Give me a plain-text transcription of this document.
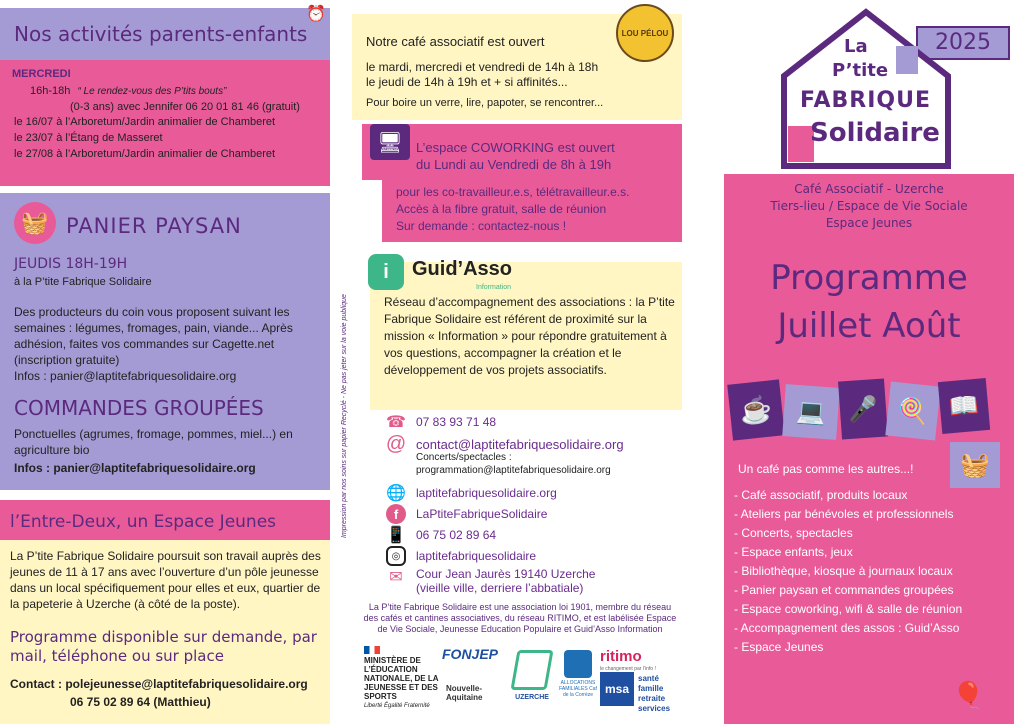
Nos activités parents-enfants
⏰
MERCREDI
16h-18h “ Le rendez-vous des P’tits bouts”
(0-3 ans) avec Jennifer 06 20 01 81 46 (gratuit)
le 16/07 à l’Arboretum/Jardin animalier de Chamberet
le 23/07 à l’Étang de Masseret
le 27/08 à l’Arboretum/Jardin animalier de Chamberet
🧺 PANIER PAYSAN
JEUDIS 18H-19H
à la P’tite Fabrique Solidaire
Des producteurs du coin vous proposent suivant les semaines : légumes, fromages, pain, viande... Après adhésion, faites vos commandes sur Cagette.net (inscription gratuite)
Infos : panier@laptitefabriquesolidaire.org
COMMANDES GROUPÉES
Ponctuelles (agrumes, fromage, pommes, miel...) en agriculture bio
Infos : panier@laptitefabriquesolidaire.org
l’Entre-Deux, un Espace Jeunes
La P’tite Fabrique Solidaire poursuit son travail auprès des jeunes de 11 à 17 ans avec l’ouverture d’un pôle jeunesse dans un local spécifiquement pour elles et eux, quartier de la papeterie à Uzerche (à côté de la poste).
Programme disponible sur demande, par mail, téléphone ou sur place
Contact : polejeunesse@laptitefabriquesolidaire.org
06 75 02 89 64 (Matthieu)
Impression par nos soins sur papier Recyclé - Ne pas jeter sur la voie publique
Notre café associatif est ouvert
le mardi, mercredi et vendredi de 14h à 18h
le jeudi de 14h à 19h et + si affinités...
Pour boire un verre, lire, papoter, se rencontrer...
LOU PÉLOU
🖥	L’espace COWORKING est ouvert
du Lundi au Vendredi de 8h à 19h
pour les co-travailleur.e.s, télétravailleur.e.s.
Accès à la fibre gratuit, salle de réunion
Sur demande : contactez-nous !
i	Guid’Asso
Information
Réseau d’accompagnement des associations : la P’tite Fabrique Solidaire est référent de proximité sur la mission « Information » pour répondre gratuitement à vos questions, accompagner la création et le développement de vos projets associatifs.
☎ 07 83 93 71 48
@ contact@laptitefabriquesolidaire.org
Concerts/spectacles :
programmation@laptitefabriquesolidaire.org
🌐 laptitefabriquesolidaire.org
f	LaPtiteFabriqueSolidaire
📱 06 75 02 89 64
◎	laptitefabriquesolidaire
✉ Cour Jean Jaurès 19140 Uzerche
(vieille ville, derriere l’abbatiale)
La P’tite Fabrique Solidaire est une association loi 1901, membre du réseau des cafés et cantines associatives, du réseau RITIMO, et est labélisée Espace de Vie Sociale, Jeunesse Education Populaire et Guid’Asso Information
MINISTÈRE DE L’ÉDUCATION NATIONALE, DE LA JEUNESSE ET DES SPORTS
Liberté Égalité Fraternité
FONJEP
Nouvelle-Aquitaine	UZERCHE
ALLOCATIONS FAMILIALES Caf de la Corrèze
ritimo
le changement par l’info !
msa
santé famille retraite services
2025
La
P’tite
FABRIQUE
Solidaire
Café Associatif - Uzerche
Tiers-lieu / Espace de Vie Sociale
Espace Jeunes
Programme
Juillet Août
☕ 💻 🎤 🍭 📖
🧺
Un café pas comme les autres...!
- Café associatif, produits locaux
- Ateliers par bénévoles et professionnels
- Concerts, spectacles
- Espace enfants, jeux
- Bibliothèque, kiosque à journaux locaux
- Panier paysan et commandes groupées
- Espace coworking, wifi & salle de réunion
- Accompagnement des assos : Guid’Asso
- Espace Jeunes
🎈
